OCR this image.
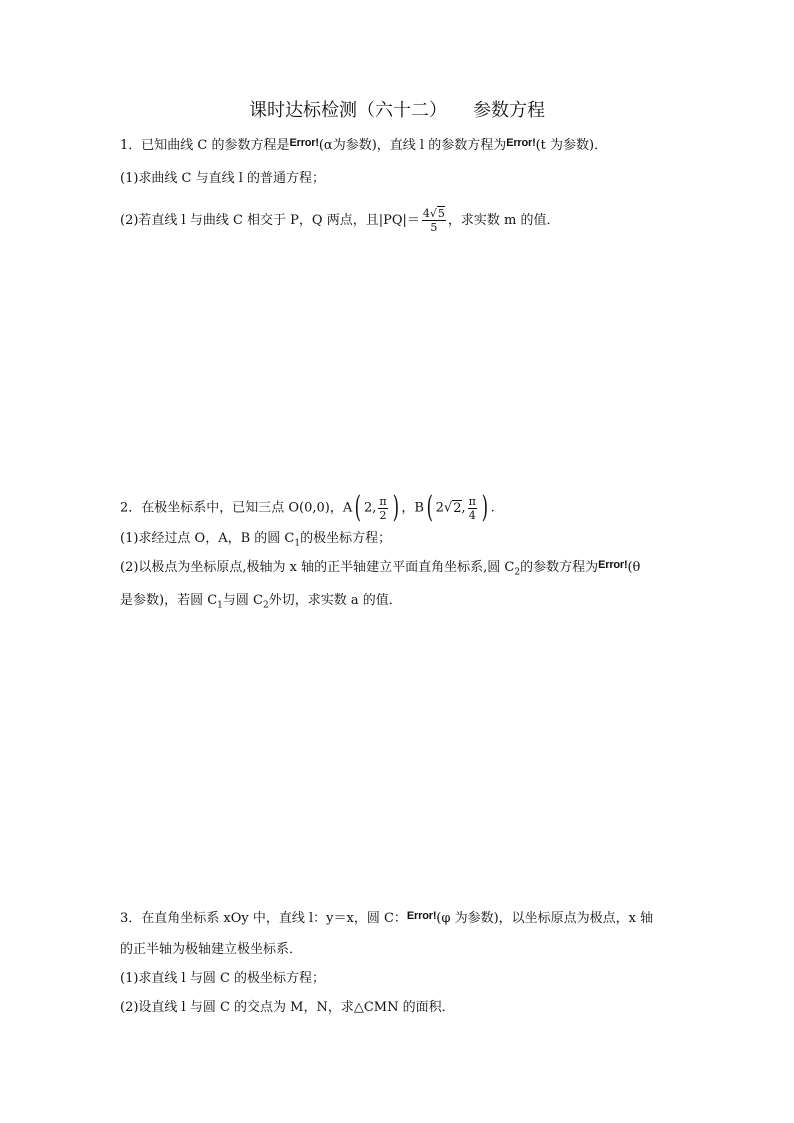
课时达标检测（六十二） 参数方程
1．已知曲线 C 的参数方程是$^{Error!}$(α为参数)，直线 l 的参数方程为$^{Error!}$(t 为参数)．
(1)求曲线 C 与直线 l 的普通方程；
(2)若直线 l 与曲线 C 相交于 P，Q 两点，且$|PQ|= \frac{4√5}{5}$ ，求实数 m 的值．
2．在极坐标系中，已知三点 O(0,0)，A( 2, $\frac{\pi}{2}$ ) ，B( 2√2, $\frac{\pi}{4}$ ) .
(1)求经过点 O，A，B 的圆 $C_1$的极坐标方程；
(2)以极点为坐标原点,极轴为 x 轴的正半轴建立平面直角坐标系,圆 $C_2$的参数方程为$^{Error!}$(θ
是参数)，若圆 $C_1$与圆 $C_2$外切，求实数 a 的值．
3．在直角坐标系 xOy 中，直线 l：y＝x，圆 C：$^{Error!}$(φ 为参数)，以坐标原点为极点，x 轴
的正半轴为极轴建立极坐标系．
(1)求直线 l 与圆 C 的极坐标方程；
(2)设直线 l 与圆 C 的交点为 M，N，求△CMN 的面积．
